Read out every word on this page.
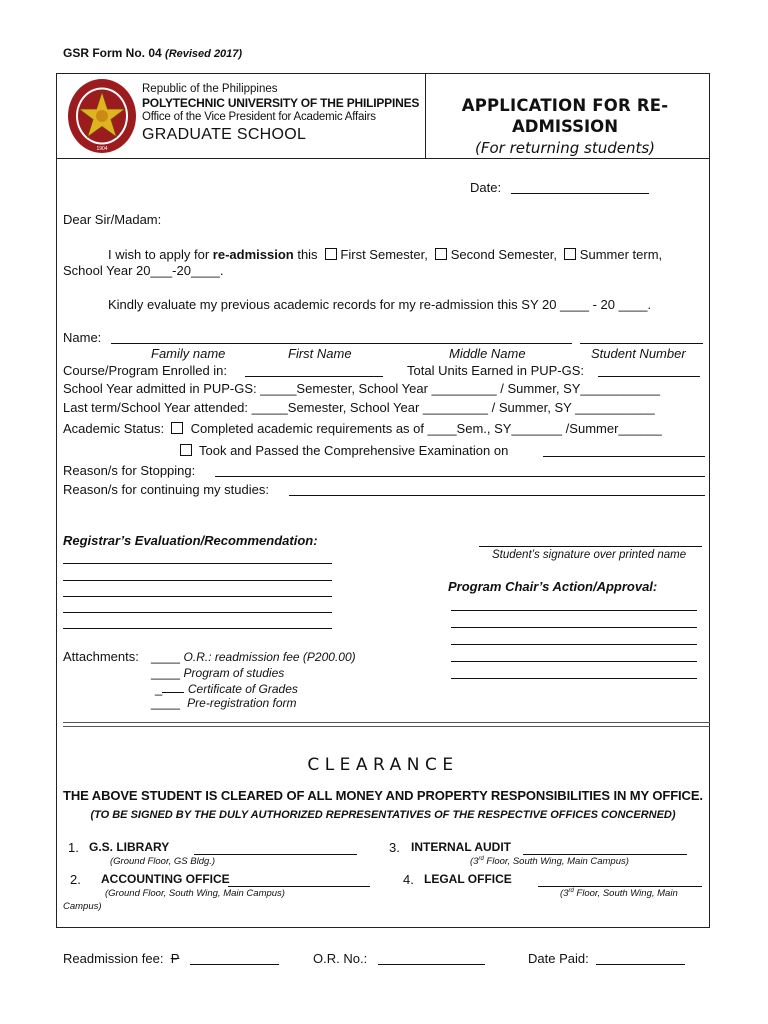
GSR Form No. 04 (Revised 2017)
1904
Republic of the Philippines
POLYTECHNIC UNIVERSITY OF THE PHILIPPINES
Office of the Vice President for Academic Affairs
GRADUATE SCHOOL
APPLICATION FOR RE-
ADMISSION
(For returning students)
Date:
Dear Sir/Madam:
I wish to apply for re-admission this First Semester, Second Semester, Summer term,
School Year 20___-20____.
Kindly evaluate my previous academic records for my re-admission this SY 20 ____ - 20 ____.
Name:
Family name	First Name	Middle Name	Student Number
Course/Program Enrolled in:	Total Units Earned in PUP-GS:
School Year admitted in PUP-GS: _____Semester, School Year _________ / Summer, SY___________
Last term/School Year attended: _____Semester, School Year _________ / Summer, SY ___________
Academic Status: Completed academic requirements as of ____Sem., SY_______ /Summer______
Took and Passed the Comprehensive Examination on
Reason/s for Stopping:
Reason/s for continuing my studies:
Registrar’s Evaluation/Recommendation:
Student’s signature over printed name
Program Chair’s Action/Approval:
Attachments: ____ O.R.: readmission fee (P200.00)
____ Program of studies
_ Certificate of Grades
____ Pre-registration form
CLEARANCE
THE ABOVE STUDENT IS CLEARED OF ALL MONEY AND PROPERTY RESPONSIBILITIES IN MY OFFICE.
(TO BE SIGNED BY THE DULY AUTHORIZED REPRESENTATIVES OF THE RESPECTIVE OFFICES CONCERNED)
1. G.S. LIBRARY
(Ground Floor, GS Bldg.)
3. INTERNAL AUDIT
(3rd Floor, South Wing, Main Campus)
2. ACCOUNTING OFFICE
(Ground Floor, South Wing, Main Campus)
4. LEGAL OFFICE
(3rd Floor, South Wing, Main
Campus)
Readmission fee: P	O.R. No.:	Date Paid:
